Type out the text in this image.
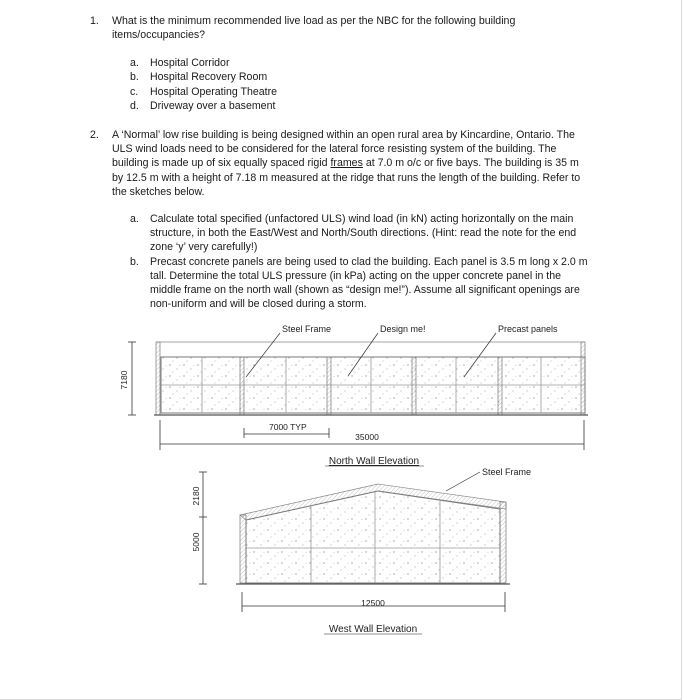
1. What is the minimum recommended live load as per the NBC for the following building items/occupancies?
a. Hospital Corridor
b. Hospital Recovery Room
c. Hospital Operating Theatre
d. Driveway over a basement
2. A ‘Normal’ low rise building is being designed within an open rural area by Kincardine, Ontario. The ULS wind loads need to be considered for the lateral force resisting system of the building. The building is made up of six equally spaced rigid frames at 7.0 m o/c or five bays. The building is 35 m by 12.5 m with a height of 7.18 m measured at the ridge that runs the length of the building. Refer to the sketches below.
a. Calculate total specified (unfactored ULS) wind load (in kN) acting horizontally on the main structure, in both the East/West and North/South directions. (Hint: read the note for the end zone ‘y’ very carefully!)
b. Precast concrete panels are being used to clad the building. Each panel is 3.5 m long x 2.0 m tall. Determine the total ULS pressure (in kPa) acting on the upper concrete panel in the middle frame on the north wall (shown as “design me!”). Assume all significant openings are non-uniform and will be closed during a storm.
Steel Frame	Design me!	Precast panels
7180
7000 TYP
35000
North Wall Elevation
Steel Frame
2180
5000
12500
West Wall Elevation
